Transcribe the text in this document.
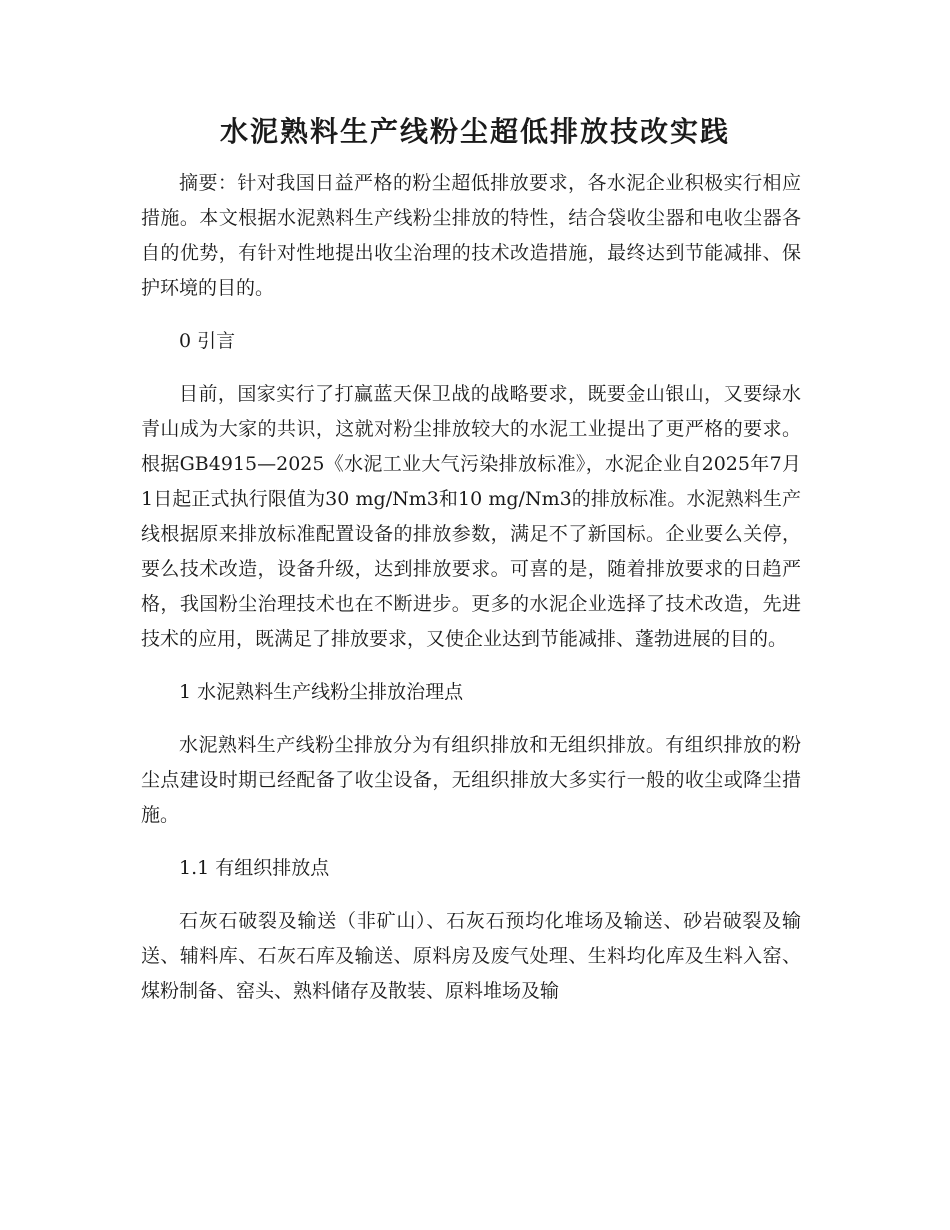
水泥熟料生产线粉尘超低排放技改实践

摘要：针对我国日益严格的粉尘超低排放要求，各水泥企业积极实行相应措施。本文根据水泥熟料生产线粉尘排放的特性，结合袋收尘器和电收尘器各自的优势，有针对性地提出收尘治理的技术改造措施，最终达到节能减排、保护环境的目的。

0 引言

目前，国家实行了打赢蓝天保卫战的战略要求，既要金山银山，又要绿水青山成为大家的共识，这就对粉尘排放较大的水泥工业提出了更严格的要求。根据GB4915—2025《水泥工业大气污染排放标准》，水泥企业自2025年7月1日起正式执行限值为30 mg/Nm3和10 mg/Nm3的排放标准。水泥熟料生产线根据原来排放标准配置设备的排放参数，满足不了新国标。企业要么关停，要么技术改造，设备升级，达到排放要求。可喜的是，随着排放要求的日趋严格，我国粉尘治理技术也在不断进步。更多的水泥企业选择了技术改造，先进技术的应用，既满足了排放要求，又使企业达到节能减排、蓬勃进展的目的。

1 水泥熟料生产线粉尘排放治理点

水泥熟料生产线粉尘排放分为有组织排放和无组织排放。有组织排放的粉尘点建设时期已经配备了收尘设备，无组织排放大多实行一般的收尘或降尘措施。

1.1 有组织排放点

石灰石破裂及输送（非矿山）、石灰石预均化堆场及输送、砂岩破裂及输送、辅料库、石灰石库及输送、原料房及废气处理、生料均化库及生料入窑、煤粉制备、窑头、熟料储存及散装、原料堆场及输
